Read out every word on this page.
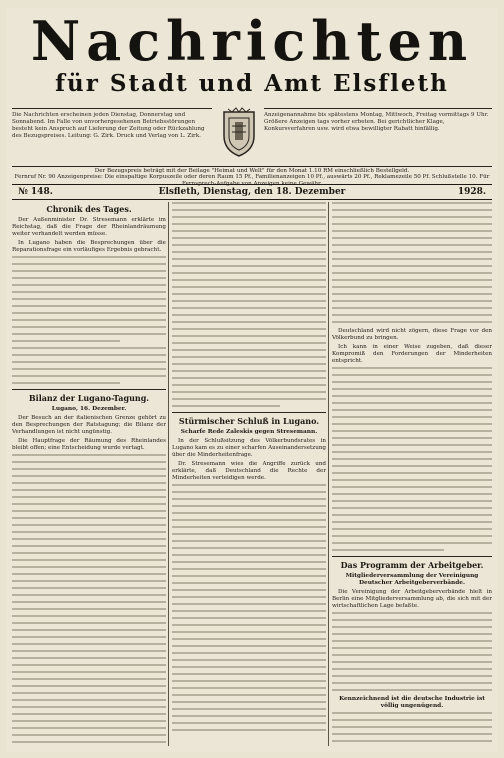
Nachrichten
für Stadt und Amt Elsfleth
Die Nachrichten erscheinen jeden Dienstag, Donnerstag und Sonnabend. Im Falle von unvorhergesehenen Betriebsstörungen besteht kein Anspruch auf Lieferung der Zeitung oder Rückzahlung des Bezugspreises. Leitung: G. Zirk. Druck und Verlag von L. Zirk.
Anzeigenannahme bis spätestens Montag, Mittwoch, Freitag vormittags 9 Uhr. Größere Anzeigen tags vorher erbeten. Bei gerichtlicher Klage, Konkursverfahren usw. wird etwa bewilligter Rabatt hinfällig.
Der Bezugspreis beträgt mit der Beilage "Heimat und Welt" für den Monat 1.10 RM einschließlich Bestellgeld.
Fernruf Nr. 90 Anzeigenpreise: Die einspaltige Korpuszeile oder deren Raum 15 Pf., Familienanzeigen 10 Pf., auswärts 20 Pf., Reklamezeile 50 Pf. Schlußstelle 10. Für Fernsprech-Aufgabe von Anzeigen keine Gewähr.
№ 148.	Elsfleth, Dienstag, den 18. Dezember	1928.
Chronik des Tages.
Der Außenminister Dr. Stresemann erklärte im Reichstag, daß die Frage der Rheinlandräumung weiter verhandelt werden müsse.
In Lugano haben die Besprechungen über die Reparationsfrage ein vorläufiges Ergebnis gebracht.
Bilanz der Lugano-Tagung.
Lugano, 16. Dezember.
Der Besuch an der italienischen Grenze gehört zu den Besprechungen der Ratstagung; die Bilanz der Verhandlungen ist nicht ungünstig.
Die Hauptfrage der Räumung des Rheinlandes bleibt offen; eine Entscheidung wurde vertagt.
Stürmischer Schluß in Lugano.
Scharfe Rede Zaleskis gegen Stresemann.
In der Schlußsitzung des Völkerbundsrates in Lugano kam es zu einer scharfen Auseinandersetzung über die Minderheitenfrage.
Dr. Stresemann wies die Angriffe zurück und erklärte, daß Deutschland die Rechte der Minderheiten verteidigen werde.
Deutschland wird nicht zögern, diese Frage vor den Völkerbund zu bringen.
Ich kann in einer Weise zugeben, daß dieser Kompromiß den Forderungen der Minderheiten entspricht.
Das Programm der Arbeitgeber.
Mitgliederversammlung der Vereinigung Deutscher Arbeitgeberverbände.
Die Vereinigung der Arbeitgeberverbände hielt in Berlin eine Mitgliederversammlung ab, die sich mit der wirtschaftlichen Lage befaßte.
Kennzeichnend ist die deutsche Industrie ist völlig ungenügend.
